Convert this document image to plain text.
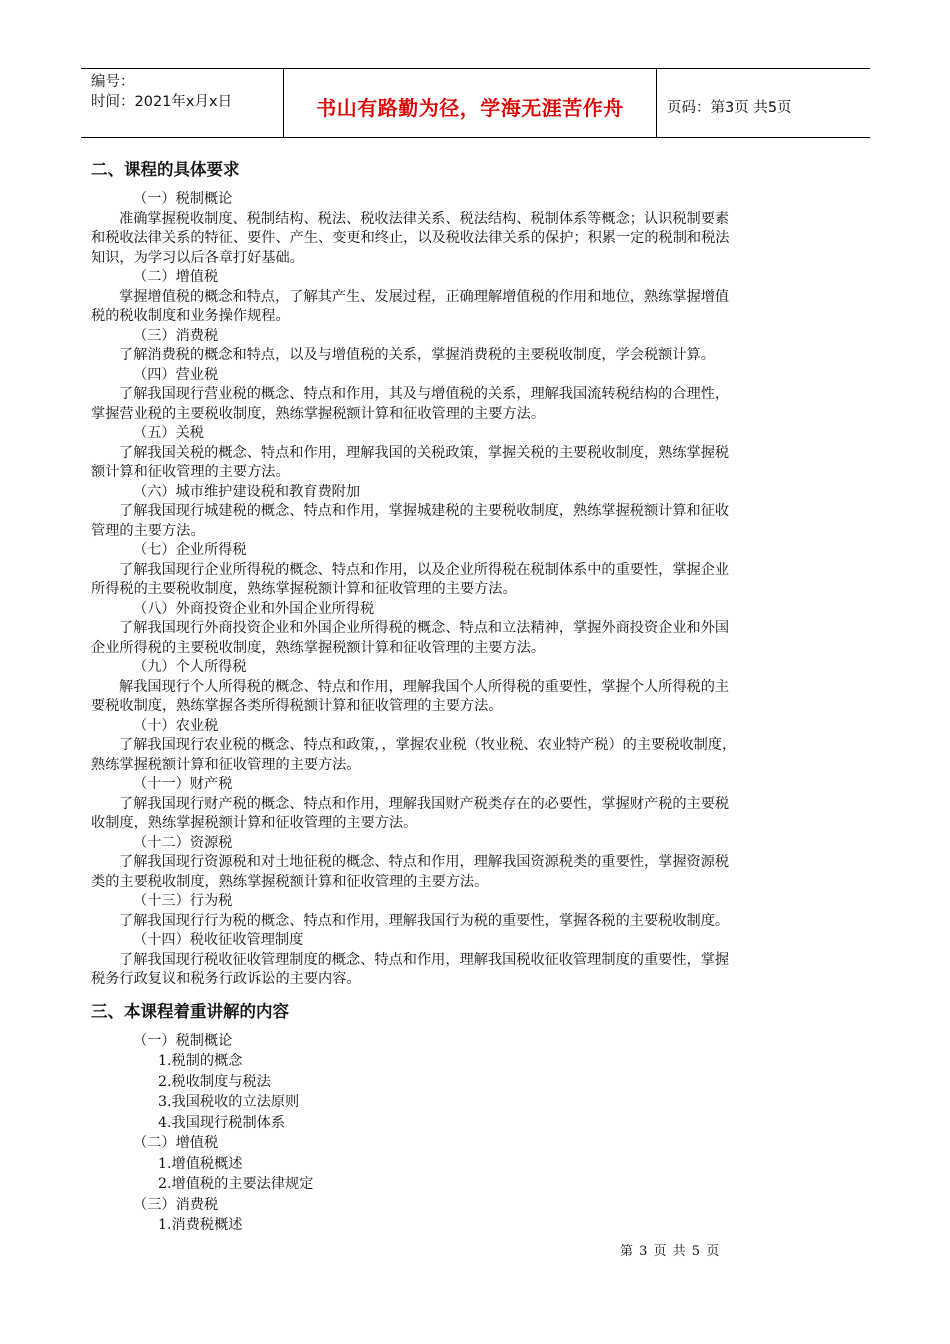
编号：
时间：2021年x月x日	书山有路勤为径，学海无涯苦作舟	页码：第3页 共5页
二、课程的具体要求
（一）税制概论
准确掌握税收制度、税制结构、税法、税收法律关系、税法结构、税制体系等概念；认识税制要素
和税收法律关系的特征、要件、产生、变更和终止，以及税收法律关系的保护；积累一定的税制和税法
知识，为学习以后各章打好基础。
（二）增值税
掌握增值税的概念和特点，了解其产生、发展过程，正确理解增值税的作用和地位，熟练掌握增值
税的税收制度和业务操作规程。
（三）消费税
了解消费税的概念和特点，以及与增值税的关系，掌握消费税的主要税收制度，学会税额计算。
（四）营业税
了解我国现行营业税的概念、特点和作用，其及与增值税的关系，理解我国流转税结构的合理性，
掌握营业税的主要税收制度，熟练掌握税额计算和征收管理的主要方法。
（五）关税
了解我国关税的概念、特点和作用，理解我国的关税政策，掌握关税的主要税收制度，熟练掌握税
额计算和征收管理的主要方法。
（六）城市维护建设税和教育费附加
了解我国现行城建税的概念、特点和作用，掌握城建税的主要税收制度，熟练掌握税额计算和征收
管理的主要方法。
（七）企业所得税
了解我国现行企业所得税的概念、特点和作用，以及企业所得税在税制体系中的重要性，掌握企业
所得税的主要税收制度，熟练掌握税额计算和征收管理的主要方法。
（八）外商投资企业和外国企业所得税
了解我国现行外商投资企业和外国企业所得税的概念、特点和立法精神，掌握外商投资企业和外国
企业所得税的主要税收制度，熟练掌握税额计算和征收管理的主要方法。
（九）个人所得税
解我国现行个人所得税的概念、特点和作用，理解我国个人所得税的重要性，掌握个人所得税的主
要税收制度，熟练掌握各类所得税额计算和征收管理的主要方法。
（十）农业税
了解我国现行农业税的概念、特点和政策，，掌握农业税（牧业税、农业特产税）的主要税收制度，
熟练掌握税额计算和征收管理的主要方法。
（十一）财产税
了解我国现行财产税的概念、特点和作用，理解我国财产税类存在的必要性，掌握财产税的主要税
收制度，熟练掌握税额计算和征收管理的主要方法。
（十二）资源税
了解我国现行资源税和对土地征税的概念、特点和作用，理解我国资源税类的重要性，掌握资源税
类的主要税收制度，熟练掌握税额计算和征收管理的主要方法。
（十三）行为税
了解我国现行行为税的概念、特点和作用，理解我国行为税的重要性，掌握各税的主要税收制度。
（十四）税收征收管理制度
了解我国现行税收征收管理制度的概念、特点和作用，理解我国税收征收管理制度的重要性，掌握
税务行政复议和税务行政诉讼的主要内容。
三、本课程着重讲解的内容
（一）税制概论
1.税制的概念
2.税收制度与税法
3.我国税收的立法原则
4.我国现行税制体系
（二）增值税
1.增值税概述
2.增值税的主要法律规定
（三）消费税
1.消费税概述
第 3 页 共 5 页
